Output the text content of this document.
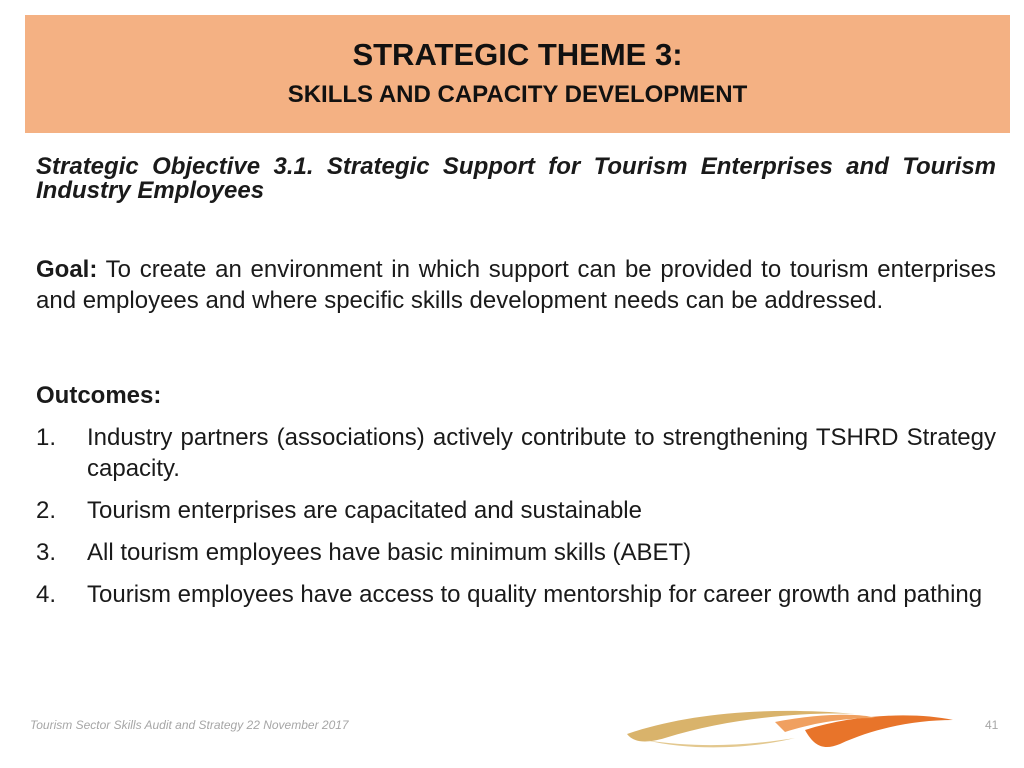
STRATEGIC THEME 3:
SKILLS AND CAPACITY DEVELOPMENT

Strategic Objective 3.1. Strategic Support for Tourism Enterprises and Tourism Industry Employees

Goal: To create an environment in which support can be provided to tourism enterprises and employees and where specific skills development needs can be addressed.

Outcomes:
1.	Industry partners (associations) actively contribute to strengthening TSHRD Strategy capacity.
2.	Tourism enterprises are capacitated and sustainable
3.	All tourism employees have basic minimum skills (ABET)
4.	Tourism employees have access to quality mentorship for career growth and pathing
Tourism Sector Skills Audit and Strategy 22 November 2017	41
